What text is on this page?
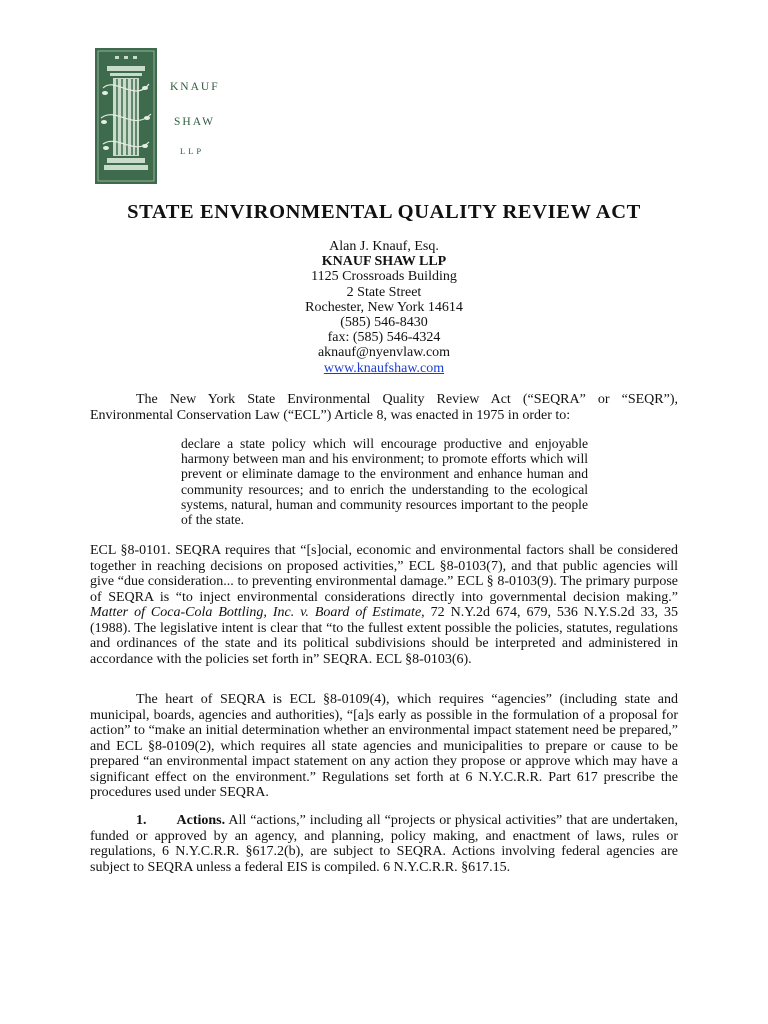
KNAUF
SHAW
LLP
STATE ENVIRONMENTAL QUALITY REVIEW ACT
Alan J. Knauf, Esq.
KNAUF SHAW LLP
1125 Crossroads Building
2 State Street
Rochester, New York 14614
(585) 546-8430
fax: (585) 546-4324
aknauf@nyenvlaw.com
www.knaufshaw.com

The New York State Environmental Quality Review Act (“SEQRA” or “SEQR”), Environmental Conservation Law (“ECL”) Article 8, was enacted in 1975 in order to:

declare a state policy which will encourage productive and enjoyable harmony between man and his environment; to promote efforts which will prevent or eliminate damage to the environment and enhance human and community resources; and to enrich the understanding to the ecological systems, natural, human and community resources important to the people of the state.

ECL §8-0101. SEQRA requires that “[s]ocial, economic and environmental factors shall be considered together in reaching decisions on proposed activities,” ECL §8-0103(7), and that public agencies will give “due consideration... to preventing environmental damage.” ECL § 8-0103(9). The primary purpose of SEQRA is “to inject environmental considerations directly into governmental decision making.” Matter of Coca-Cola Bottling, Inc. v. Board of Estimate, 72 N.Y.2d 674, 679, 536 N.Y.S.2d 33, 35 (1988). The legislative intent is clear that “to the fullest extent possible the policies, statutes, regulations and ordinances of the state and its political subdivisions should be interpreted and administered in accordance with the policies set forth in” SEQRA. ECL §8-0103(6).

The heart of SEQRA is ECL §8-0109(4), which requires “agencies” (including state and municipal, boards, agencies and authorities), “[a]s early as possible in the formulation of a proposal for action” to “make an initial determination whether an environmental impact statement need be prepared,” and ECL §8-0109(2), which requires all state agencies and municipalities to prepare or cause to be prepared “an environmental impact statement on any action they propose or approve which may have a significant effect on the environment.” Regulations set forth at 6 N.Y.C.R.R. Part 617 prescribe the procedures used under SEQRA.

1. Actions. All “actions,” including all “projects or physical activities” that are undertaken, funded or approved by an agency, and planning, policy making, and enactment of laws, rules or regulations, 6 N.Y.C.R.R. §617.2(b), are subject to SEQRA. Actions involving federal agencies are subject to SEQRA unless a federal EIS is compiled. 6 N.Y.C.R.R. §617.15.
